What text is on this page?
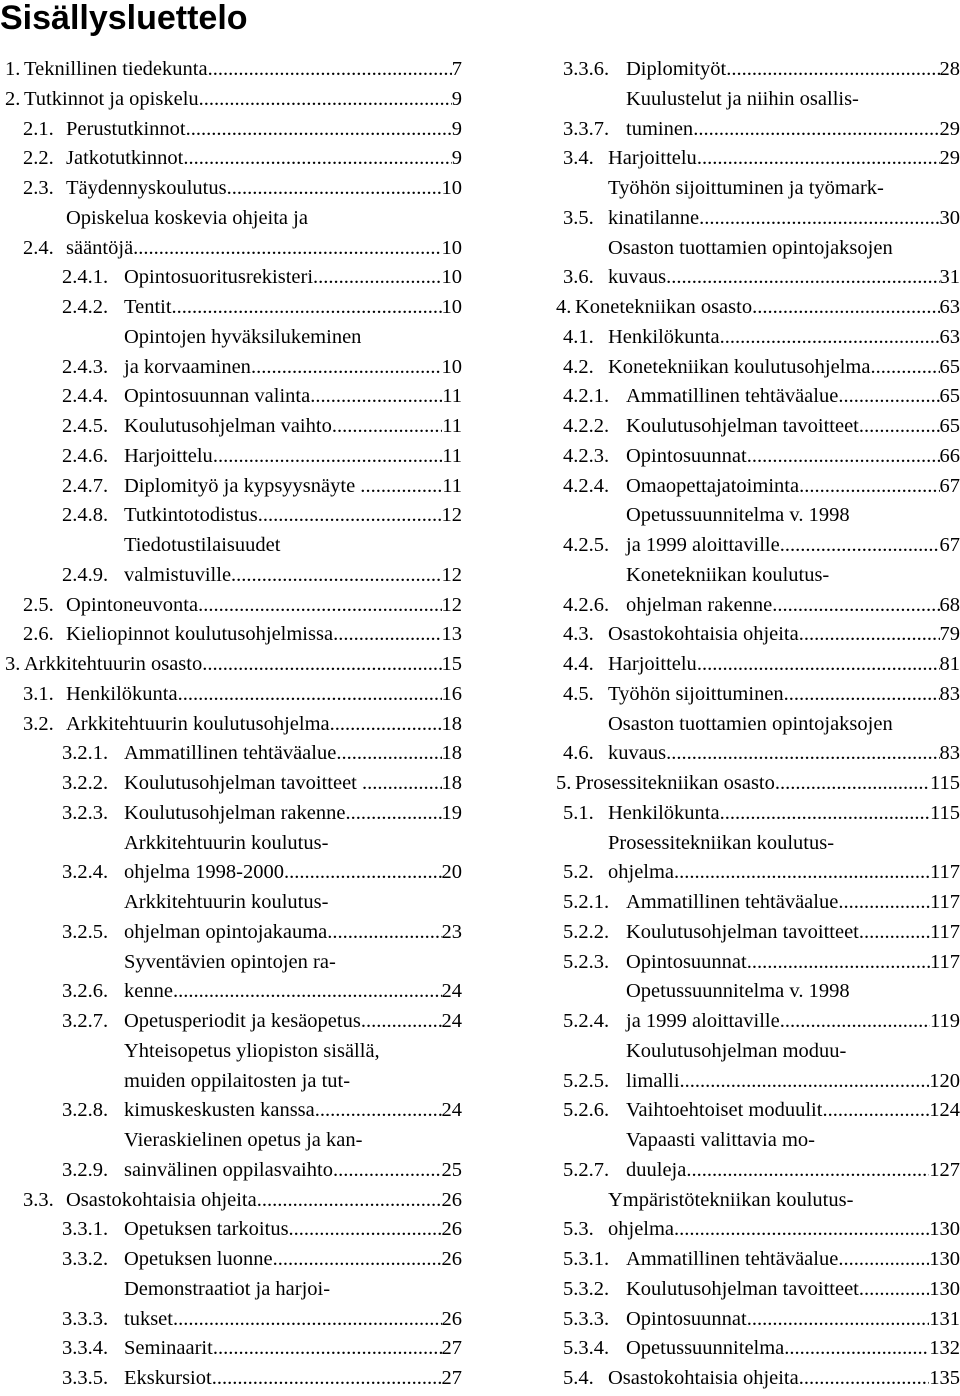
Sisällysluettelo
1. Teknillinen tiedekunta .....	7
2. Tutkinnot ja opiskelu .....	9
2.1. Perustutkinnot .....	9
2.2. Jatkotutkinnot .....	9
2.3. Täydennyskoulutus .....	10
2.4.
Opiskelua koskevia ohjeita ja
sääntöjä .....	10
2.4.1. Opintosuoritusrekisteri .....	10
2.4.2. Tentit .....	10
2.4.3.
Opintojen hyväksilukeminen
ja korvaaminen .....	10
2.4.4. Opintosuunnan valinta .....	11
2.4.5. Koulutusohjelman vaihto .....	11
2.4.6. Harjoittelu .....	11
2.4.7. Diplomityö ja kypsyysnäyte . .....	11
2.4.8. Tutkintotodistus .....	12
2.4.9.
Tiedotustilaisuudet
valmistuville .....	12
2.5. Opintoneuvonta .....	12
2.6. Kieliopinnot koulutusohjelmissa .....	13
3. Arkkitehtuurin osasto .....	15
3.1. Henkilökunta .....	16
3.2. Arkkitehtuurin koulutusohjelma .....	18
3.2.1. Ammatillinen tehtäväalue .....	18
3.2.2. Koulutusohjelman tavoitteet . .....	18
3.2.3. Koulutusohjelman rakenne .....	19
3.2.4.
Arkkitehtuurin koulutus-
ohjelma 1998-2000 .....	20
3.2.5.
Arkkitehtuurin koulutus-
ohjelman opintojakauma .....	23
3.2.6.
Syventävien opintojen ra-
kenne .....	24
3.2.7. Opetusperiodit ja kesäopetus .....	24
3.2.8.
Yhteisopetus yliopiston sisällä,
muiden oppilaitosten ja tut-
kimuskeskusten kanssa .....	24
3.2.9.
Vieraskielinen opetus ja kan-
sainvälinen oppilasvaihto .....	25
3.3. Osastokohtaisia ohjeita .....	26
3.3.1. Opetuksen tarkoitus .....	26
3.3.2. Opetuksen luonne .....	26
3.3.3.
Demonstraatiot ja harjoi-
tukset .....	26
3.3.4. Seminaarit .....	27
3.3.5. Ekskursiot .....	27
3.3.6. Diplomityöt .....	28
3.3.7.
Kuulustelut ja niihin osallis-
tuminen .....	29
3.4. Harjoittelu .....	29
3.5.
Työhön sijoittuminen ja työmark-
kinatilanne .....	30
3.6.
Osaston tuottamien opintojaksojen
kuvaus .....	31
4. Konetekniikan osasto .....	63
4.1. Henkilökunta .....	63
4.2. Konetekniikan koulutusohjelma .....	65
4.2.1. Ammatillinen tehtäväalue .....	65
4.2.2. Koulutusohjelman tavoitteet .....	65
4.2.3. Opintosuunnat .....	66
4.2.4. Omaopettajatoiminta .....	67
4.2.5.
Opetussuunnitelma v. 1998
ja 1999 aloittaville .....	67
4.2.6.
Konetekniikan koulutus-
ohjelman rakenne .....	68
4.3. Osastokohtaisia ohjeita .....	79
4.4. Harjoittelu .....	81
4.5. Työhön sijoittuminen .....	83
4.6.
Osaston tuottamien opintojaksojen
kuvaus .....	83
5. Prosessitekniikan osasto .....	115
5.1. Henkilökunta .....	115
5.2.
Prosessitekniikan koulutus-
ohjelma .....	117
5.2.1. Ammatillinen tehtäväalue .....	117
5.2.2. Koulutusohjelman tavoitteet .....	117
5.2.3. Opintosuunnat .....	117
5.2.4.
Opetussuunnitelma v. 1998
ja 1999 aloittaville .....	119
5.2.5.
Koulutusohjelman moduu-
limalli .....	120
5.2.6. Vaihtoehtoiset moduulit .....	124
5.2.7.
Vapaasti valittavia mo-
duuleja .....	127
5.3.
Ympäristötekniikan koulutus-
ohjelma .....	130
5.3.1. Ammatillinen tehtäväalue .....	130
5.3.2. Koulutusohjelman tavoitteet .....	130
5.3.3. Opintosuunnat .....	131
5.3.4. Opetussuunnitelma .....	132
5.4. Osastokohtaisia ohjeita .....	135
